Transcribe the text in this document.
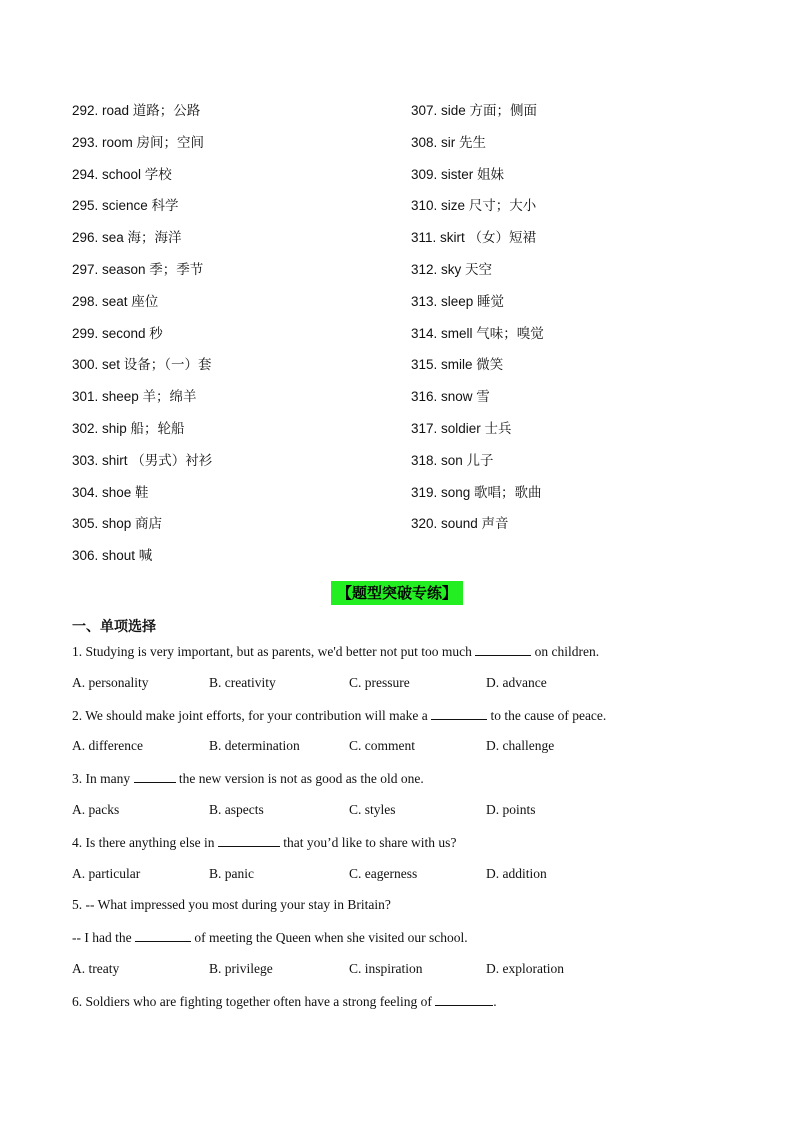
292. road 道路；公路
293. room 房间；空间
294. school 学校
295. science 科学
296. sea 海；海洋
297. season 季；季节
298. seat 座位
299. second 秒
300. set 设备；（一）套
301. sheep 羊；绵羊
302. ship 船；轮船
303. shirt （男式）衬衫
304. shoe 鞋
305. shop 商店
306. shout 喊
307. side 方面；侧面
308. sir 先生
309. sister 姐妹
310. size 尺寸；大小
311. skirt （女）短裙
312. sky 天空
313. sleep 睡觉
314. smell 气味；嗅觉
315. smile 微笑
316. snow 雪
317. soldier 士兵
318. son 儿子
319. song 歌唱；歌曲
320. sound 声音
【题型突破专练】
一、单项选择
1. Studying is very important, but as parents, we'd better not put too much	on children.
A. personality	B. creativity	C. pressure	D. advance
2. We should make joint efforts, for your contribution will make a	to the cause of peace.
A. difference	B. determination	C. comment	D. challenge
3. In many	the new version is not as good as the old one.
A. packs	B. aspects	C. styles	D. points
4. Is there anything else in	that you’d like to share with us?
A. particular	B. panic	C. eagerness	D. addition
5. -- What impressed you most during your stay in Britain?
-- I had the	of meeting the Queen when she visited our school.
A. treaty	B. privilege	C. inspiration	D. exploration
6. Soldiers who are fighting together often have a strong feeling of	.
